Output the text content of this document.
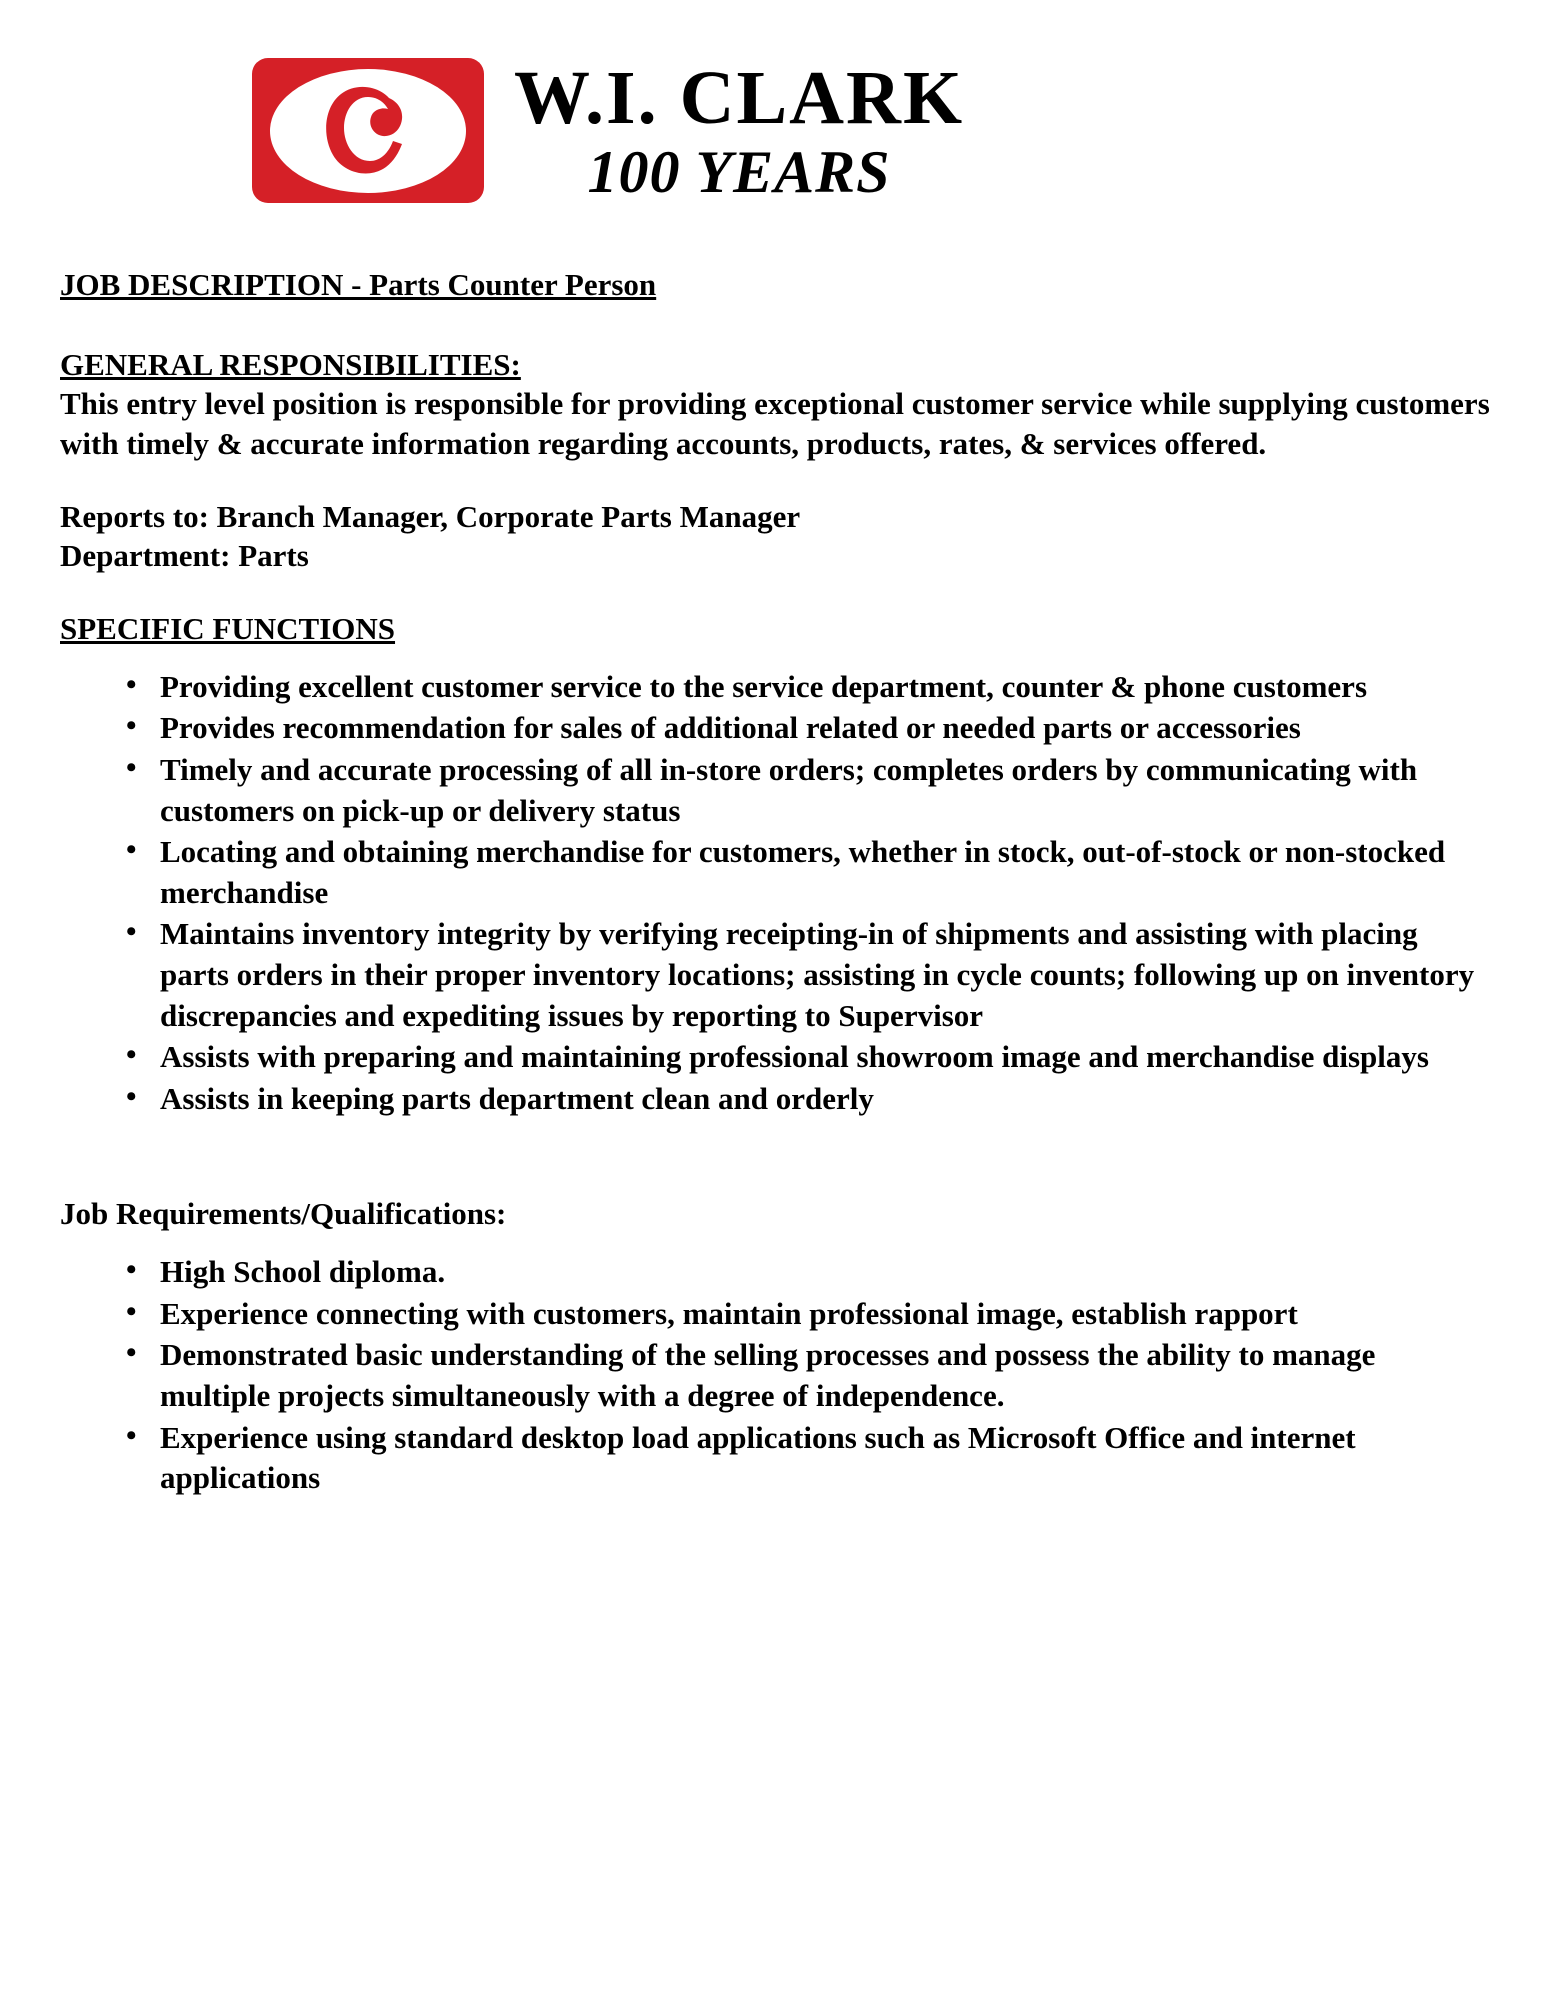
W.I. CLARK
100 YEARS

JOB DESCRIPTION - Parts Counter Person

GENERAL RESPONSIBILITIES:

This entry level position is responsible for providing exceptional customer service while supplying customers with timely & accurate information regarding accounts, products, rates, & services offered.

Reports to: Branch Manager, Corporate Parts Manager

Department: Parts

SPECIFIC FUNCTIONS

• Providing excellent customer service to the service department, counter & phone customers
• Provides recommendation for sales of additional related or needed parts or accessories
• Timely and accurate processing of all in-store orders; completes orders by communicating with customers on pick-up or delivery status
• Locating and obtaining merchandise for customers, whether in stock, out-of-stock or non-stocked merchandise
• Maintains inventory integrity by verifying receipting-in of shipments and assisting with placing parts orders in their proper inventory locations; assisting in cycle counts; following up on inventory discrepancies and expediting issues by reporting to Supervisor
• Assists with preparing and maintaining professional showroom image and merchandise displays
• Assists in keeping parts department clean and orderly

Job Requirements/Qualifications:

• High School diploma.
• Experience connecting with customers, maintain professional image, establish rapport
• Demonstrated basic understanding of the selling processes and possess the ability to manage multiple projects simultaneously with a degree of independence.
• Experience using standard desktop load applications such as Microsoft Office and internet applications
